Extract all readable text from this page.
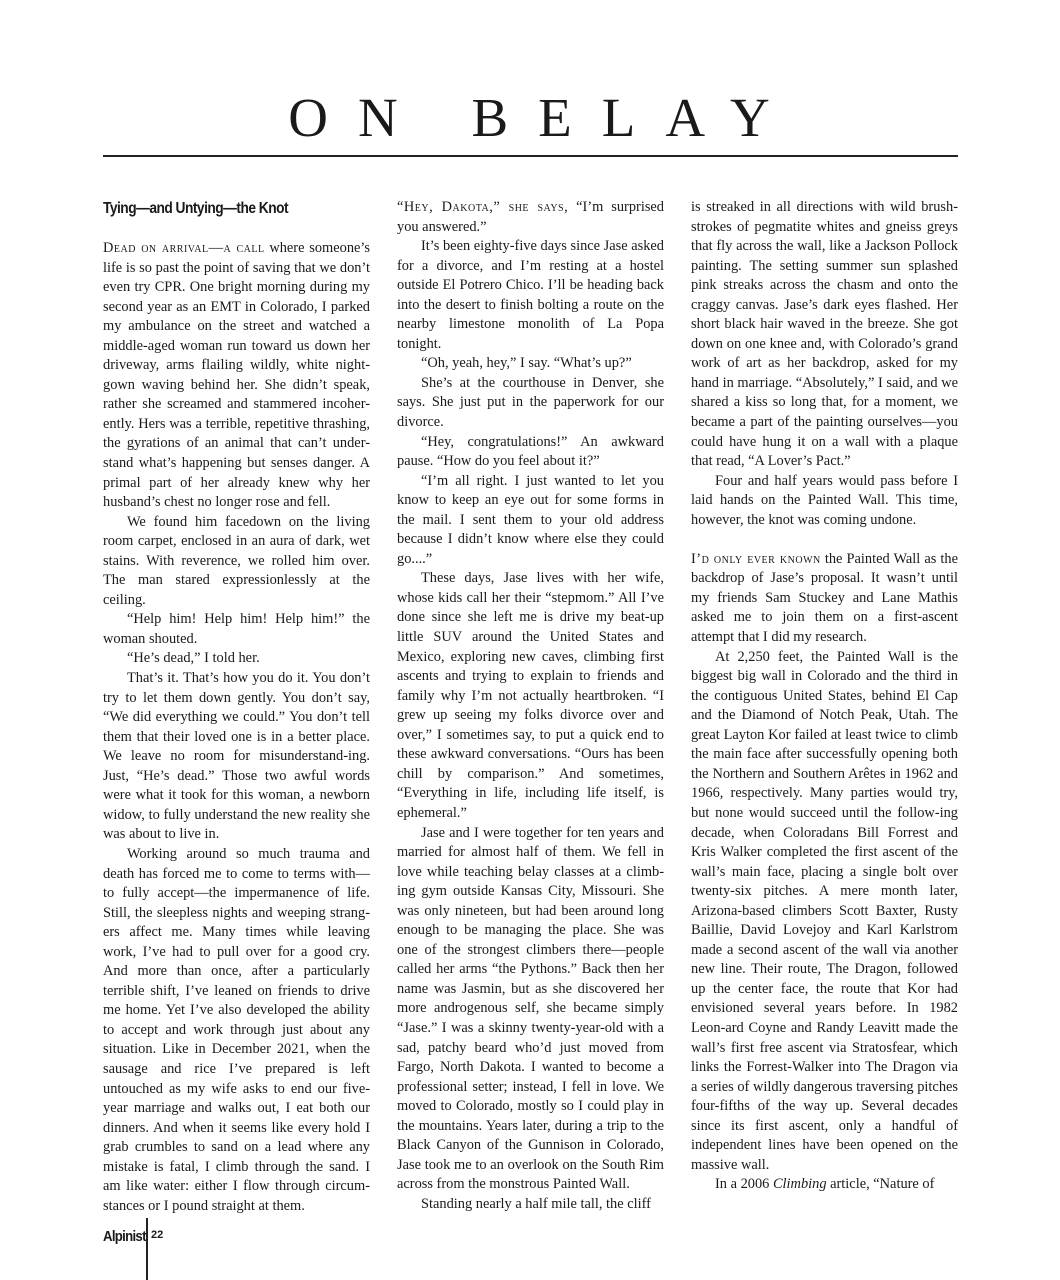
ON BELAY
Tying—and Untying—the Knot

Dead on arrival—a call where someone’s life is so past the point of saving that we don’t even try CPR. One bright morning during my second year as an EMT in Colorado, I parked my ambulance on the street and watched a middle-aged woman run toward us down her driveway, arms flailing wildly, white night-gown waving behind her. She didn’t speak, rather she screamed and stammered incoher-ently. Hers was a terrible, repetitive thrashing, the gyrations of an animal that can’t under-stand what’s happening but senses danger. A primal part of her already knew why her husband’s chest no longer rose and fell.

We found him facedown on the living room carpet, enclosed in an aura of dark, wet stains. With reverence, we rolled him over. The man stared expressionlessly at the ceiling.

“Help him! Help him! Help him!” the woman shouted.

“He’s dead,” I told her.

That’s it. That’s how you do it. You don’t try to let them down gently. You don’t say, “We did everything we could.” You don’t tell them that their loved one is in a better place. We leave no room for misunderstand-ing. Just, “He’s dead.” Those two awful words were what it took for this woman, a newborn widow, to fully understand the new reality she was about to live in.

Working around so much trauma and death has forced me to come to terms with—to fully accept—the impermanence of life. Still, the sleepless nights and weeping strang-ers affect me. Many times while leaving work, I’ve had to pull over for a good cry. And more than once, after a particularly terrible shift, I’ve leaned on friends to drive me home. Yet I’ve also developed the ability to accept and work through just about any situation. Like in December 2021, when the sausage and rice I’ve prepared is left untouched as my wife asks to end our five-year marriage and walks out, I eat both our dinners. And when it seems like every hold I grab crumbles to sand on a lead where any mistake is fatal, I climb through the sand. I am like water: either I flow through circum-stances or I pound straight at them.

“Hey, Dakota,” she says, “I’m surprised you answered.”

It’s been eighty-five days since Jase asked for a divorce, and I’m resting at a hostel outside El Potrero Chico. I’ll be heading back into the desert to finish bolting a route on the nearby limestone monolith of La Popa tonight.

“Oh, yeah, hey,” I say. “What’s up?”

She’s at the courthouse in Denver, she says. She just put in the paperwork for our divorce.

“Hey, congratulations!” An awkward pause. “How do you feel about it?”

“I’m all right. I just wanted to let you know to keep an eye out for some forms in the mail. I sent them to your old address because I didn’t know where else they could go....”

These days, Jase lives with her wife, whose kids call her their “stepmom.” All I’ve done since she left me is drive my beat-up little SUV around the United States and Mexico, exploring new caves, climbing first ascents and trying to explain to friends and family why I’m not actually heartbroken. “I grew up seeing my folks divorce over and over,” I sometimes say, to put a quick end to these awkward conversations. “Ours has been chill by comparison.” And sometimes, “Everything in life, including life itself, is ephemeral.”

Jase and I were together for ten years and married for almost half of them. We fell in love while teaching belay classes at a climb-ing gym outside Kansas City, Missouri. She was only nineteen, but had been around long enough to be managing the place. She was one of the strongest climbers there—people called her arms “the Pythons.” Back then her name was Jasmin, but as she discovered her more androgenous self, she became simply “Jase.” I was a skinny twenty-year-old with a sad, patchy beard who’d just moved from Fargo, North Dakota. I wanted to become a professional setter; instead, I fell in love. We moved to Colorado, mostly so I could play in the mountains. Years later, during a trip to the Black Canyon of the Gunnison in Colorado, Jase took me to an overlook on the South Rim across from the monstrous Painted Wall.

Standing nearly a half mile tall, the cliff

is streaked in all directions with wild brush-strokes of pegmatite whites and gneiss greys that fly across the wall, like a Jackson Pollock painting. The setting summer sun splashed pink streaks across the chasm and onto the craggy canvas. Jase’s dark eyes flashed. Her short black hair waved in the breeze. She got down on one knee and, with Colorado’s grand work of art as her backdrop, asked for my hand in marriage. “Absolutely,” I said, and we shared a kiss so long that, for a moment, we became a part of the painting ourselves—you could have hung it on a wall with a plaque that read, “A Lover’s Pact.”

Four and half years would pass before I laid hands on the Painted Wall. This time, however, the knot was coming undone.

I’d only ever known the Painted Wall as the backdrop of Jase’s proposal. It wasn’t until my friends Sam Stuckey and Lane Mathis asked me to join them on a first-ascent attempt that I did my research.

At 2,250 feet, the Painted Wall is the biggest big wall in Colorado and the third in the contiguous United States, behind El Cap and the Diamond of Notch Peak, Utah. The great Layton Kor failed at least twice to climb the main face after successfully opening both the Northern and Southern Arêtes in 1962 and 1966, respectively. Many parties would try, but none would succeed until the follow-ing decade, when Coloradans Bill Forrest and Kris Walker completed the first ascent of the wall’s main face, placing a single bolt over twenty-six pitches. A mere month later, Arizona-based climbers Scott Baxter, Rusty Baillie, David Lovejoy and Karl Karlstrom made a second ascent of the wall via another new line. Their route, The Dragon, followed up the center face, the route that Kor had envisioned several years before. In 1982 Leon-ard Coyne and Randy Leavitt made the wall’s first free ascent via Stratosfear, which links the Forrest-Walker into The Dragon via a series of wildly dangerous traversing pitches four-fifths of the way up. Several decades since its first ascent, only a handful of independent lines have been opened on the massive wall.

In a 2006 Climbing article, “Nature of

Alpinist 22
